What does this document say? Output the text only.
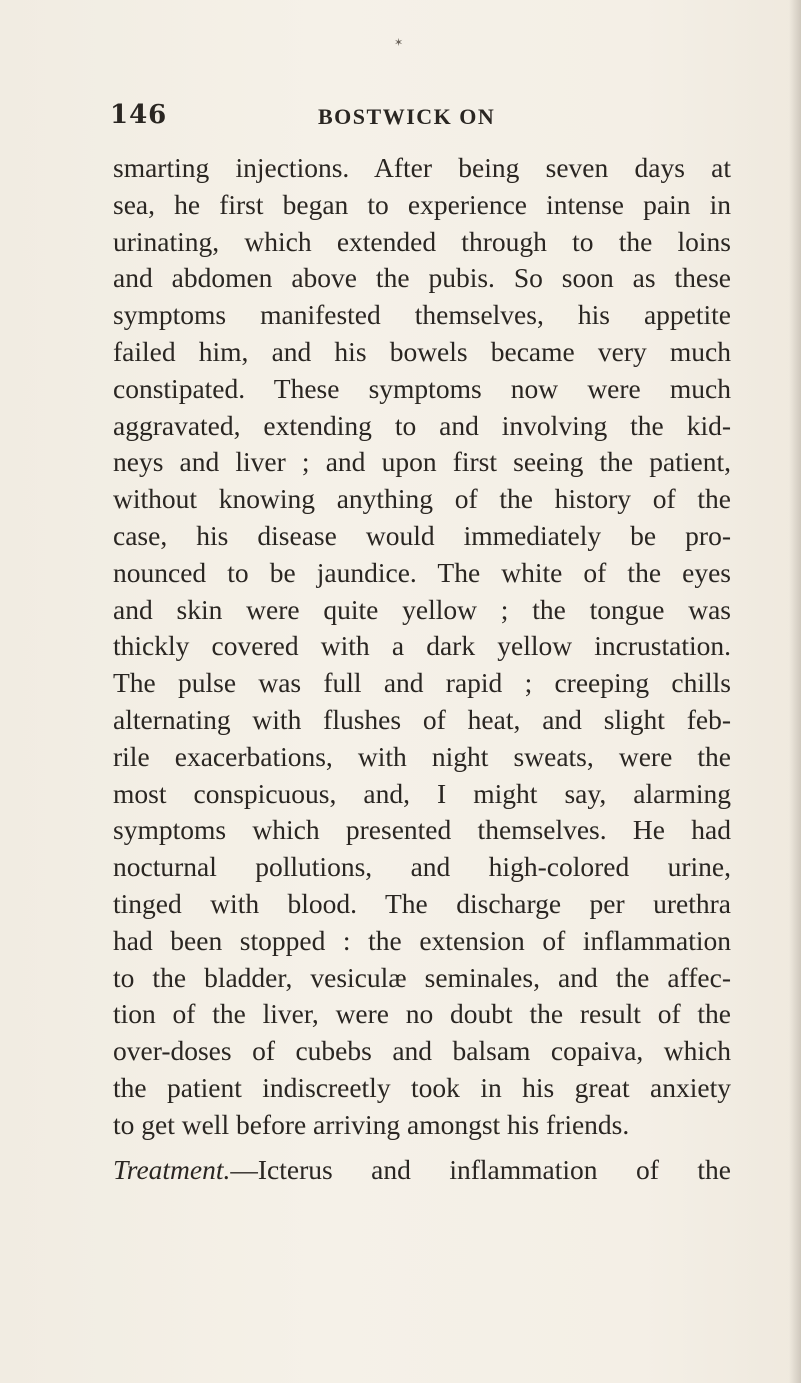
✶
146	BOSTWICK ON
smarting injections. After being seven days at
sea, he first began to experience intense pain in
urinating, which extended through to the loins
and abdomen above the pubis. So soon as these
symptoms manifested themselves, his appetite
failed him, and his bowels became very much
constipated. These symptoms now were much
aggravated, extending to and involving the kid-
neys and liver ; and upon first seeing the patient,
without knowing anything of the history of the
case, his disease would immediately be pro-
nounced to be jaundice. The white of the eyes
and skin were quite yellow ; the tongue was
thickly covered with a dark yellow incrustation.
The pulse was full and rapid ; creeping chills
alternating with flushes of heat, and slight feb-
rile exacerbations, with night sweats, were the
most conspicuous, and, I might say, alarming
symptoms which presented themselves. He had
nocturnal pollutions, and high-colored urine,
tinged with blood. The discharge per urethra
had been stopped : the extension of inflammation
to the bladder, vesiculæ seminales, and the affec-
tion of the liver, were no doubt the result of the
over-doses of cubebs and balsam copaiva, which
the patient indiscreetly took in his great anxiety
to get well before arriving amongst his friends.
Treatment.—Icterus and inflammation of the
